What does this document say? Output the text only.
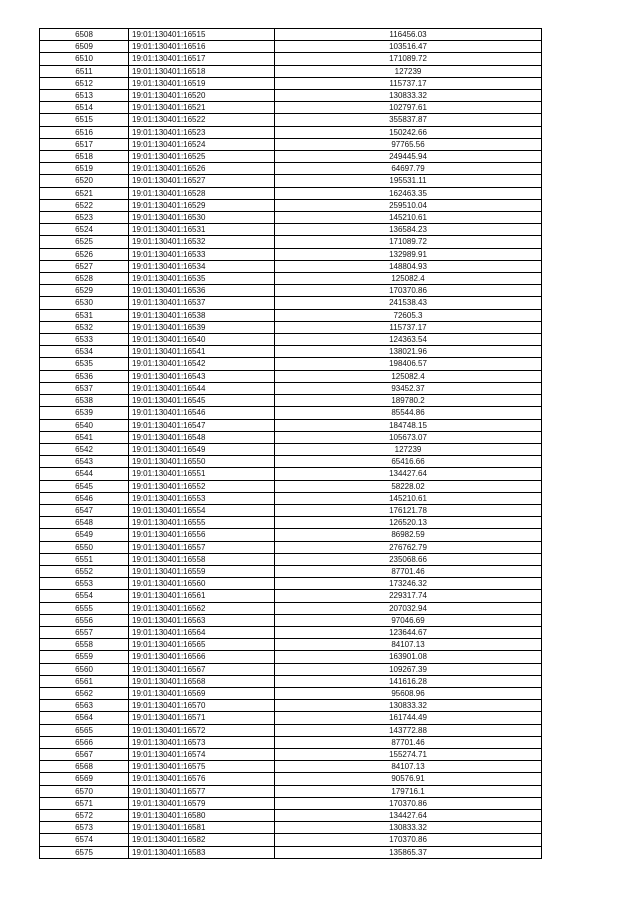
6508	19:01:130401:16515	116456.03
6509	19:01:130401:16516	103516.47
6510	19:01:130401:16517	171089.72
6511	19:01:130401:16518	127239
6512	19:01:130401:16519	115737.17
6513	19:01:130401:16520	130833.32
6514	19:01:130401:16521	102797.61
6515	19:01:130401:16522	355837.87
6516	19:01:130401:16523	150242.66
6517	19:01:130401:16524	97765.56
6518	19:01:130401:16525	249445.94
6519	19:01:130401:16526	64697.79
6520	19:01:130401:16527	195531.11
6521	19:01:130401:16528	162463.35
6522	19:01:130401:16529	259510.04
6523	19:01:130401:16530	145210.61
6524	19:01:130401:16531	136584.23
6525	19:01:130401:16532	171089.72
6526	19:01:130401:16533	132989.91
6527	19:01:130401:16534	148804.93
6528	19:01:130401:16535	125082.4
6529	19:01:130401:16536	170370.86
6530	19:01:130401:16537	241538.43
6531	19:01:130401:16538	72605.3
6532	19:01:130401:16539	115737.17
6533	19:01:130401:16540	124363.54
6534	19:01:130401:16541	138021.96
6535	19:01:130401:16542	198406.57
6536	19:01:130401:16543	125082.4
6537	19:01:130401:16544	93452.37
6538	19:01:130401:16545	189780.2
6539	19:01:130401:16546	85544.86
6540	19:01:130401:16547	184748.15
6541	19:01:130401:16548	105673.07
6542	19:01:130401:16549	127239
6543	19:01:130401:16550	65416.66
6544	19:01:130401:16551	134427.64
6545	19:01:130401:16552	58228.02
6546	19:01:130401:16553	145210.61
6547	19:01:130401:16554	176121.78
6548	19:01:130401:16555	126520.13
6549	19:01:130401:16556	86982.59
6550	19:01:130401:16557	276762.79
6551	19:01:130401:16558	235068.66
6552	19:01:130401:16559	87701.46
6553	19:01:130401:16560	173246.32
6554	19:01:130401:16561	229317.74
6555	19:01:130401:16562	207032.94
6556	19:01:130401:16563	97046.69
6557	19:01:130401:16564	123644.67
6558	19:01:130401:16565	84107.13
6559	19:01:130401:16566	163901.08
6560	19:01:130401:16567	109267.39
6561	19:01:130401:16568	141616.28
6562	19:01:130401:16569	95608.96
6563	19:01:130401:16570	130833.32
6564	19:01:130401:16571	161744.49
6565	19:01:130401:16572	143772.88
6566	19:01:130401:16573	87701.46
6567	19:01:130401:16574	155274.71
6568	19:01:130401:16575	84107.13
6569	19:01:130401:16576	90576.91
6570	19:01:130401:16577	179716.1
6571	19:01:130401:16579	170370.86
6572	19:01:130401:16580	134427.64
6573	19:01:130401:16581	130833.32
6574	19:01:130401:16582	170370.86
6575	19:01:130401:16583	135865.37
